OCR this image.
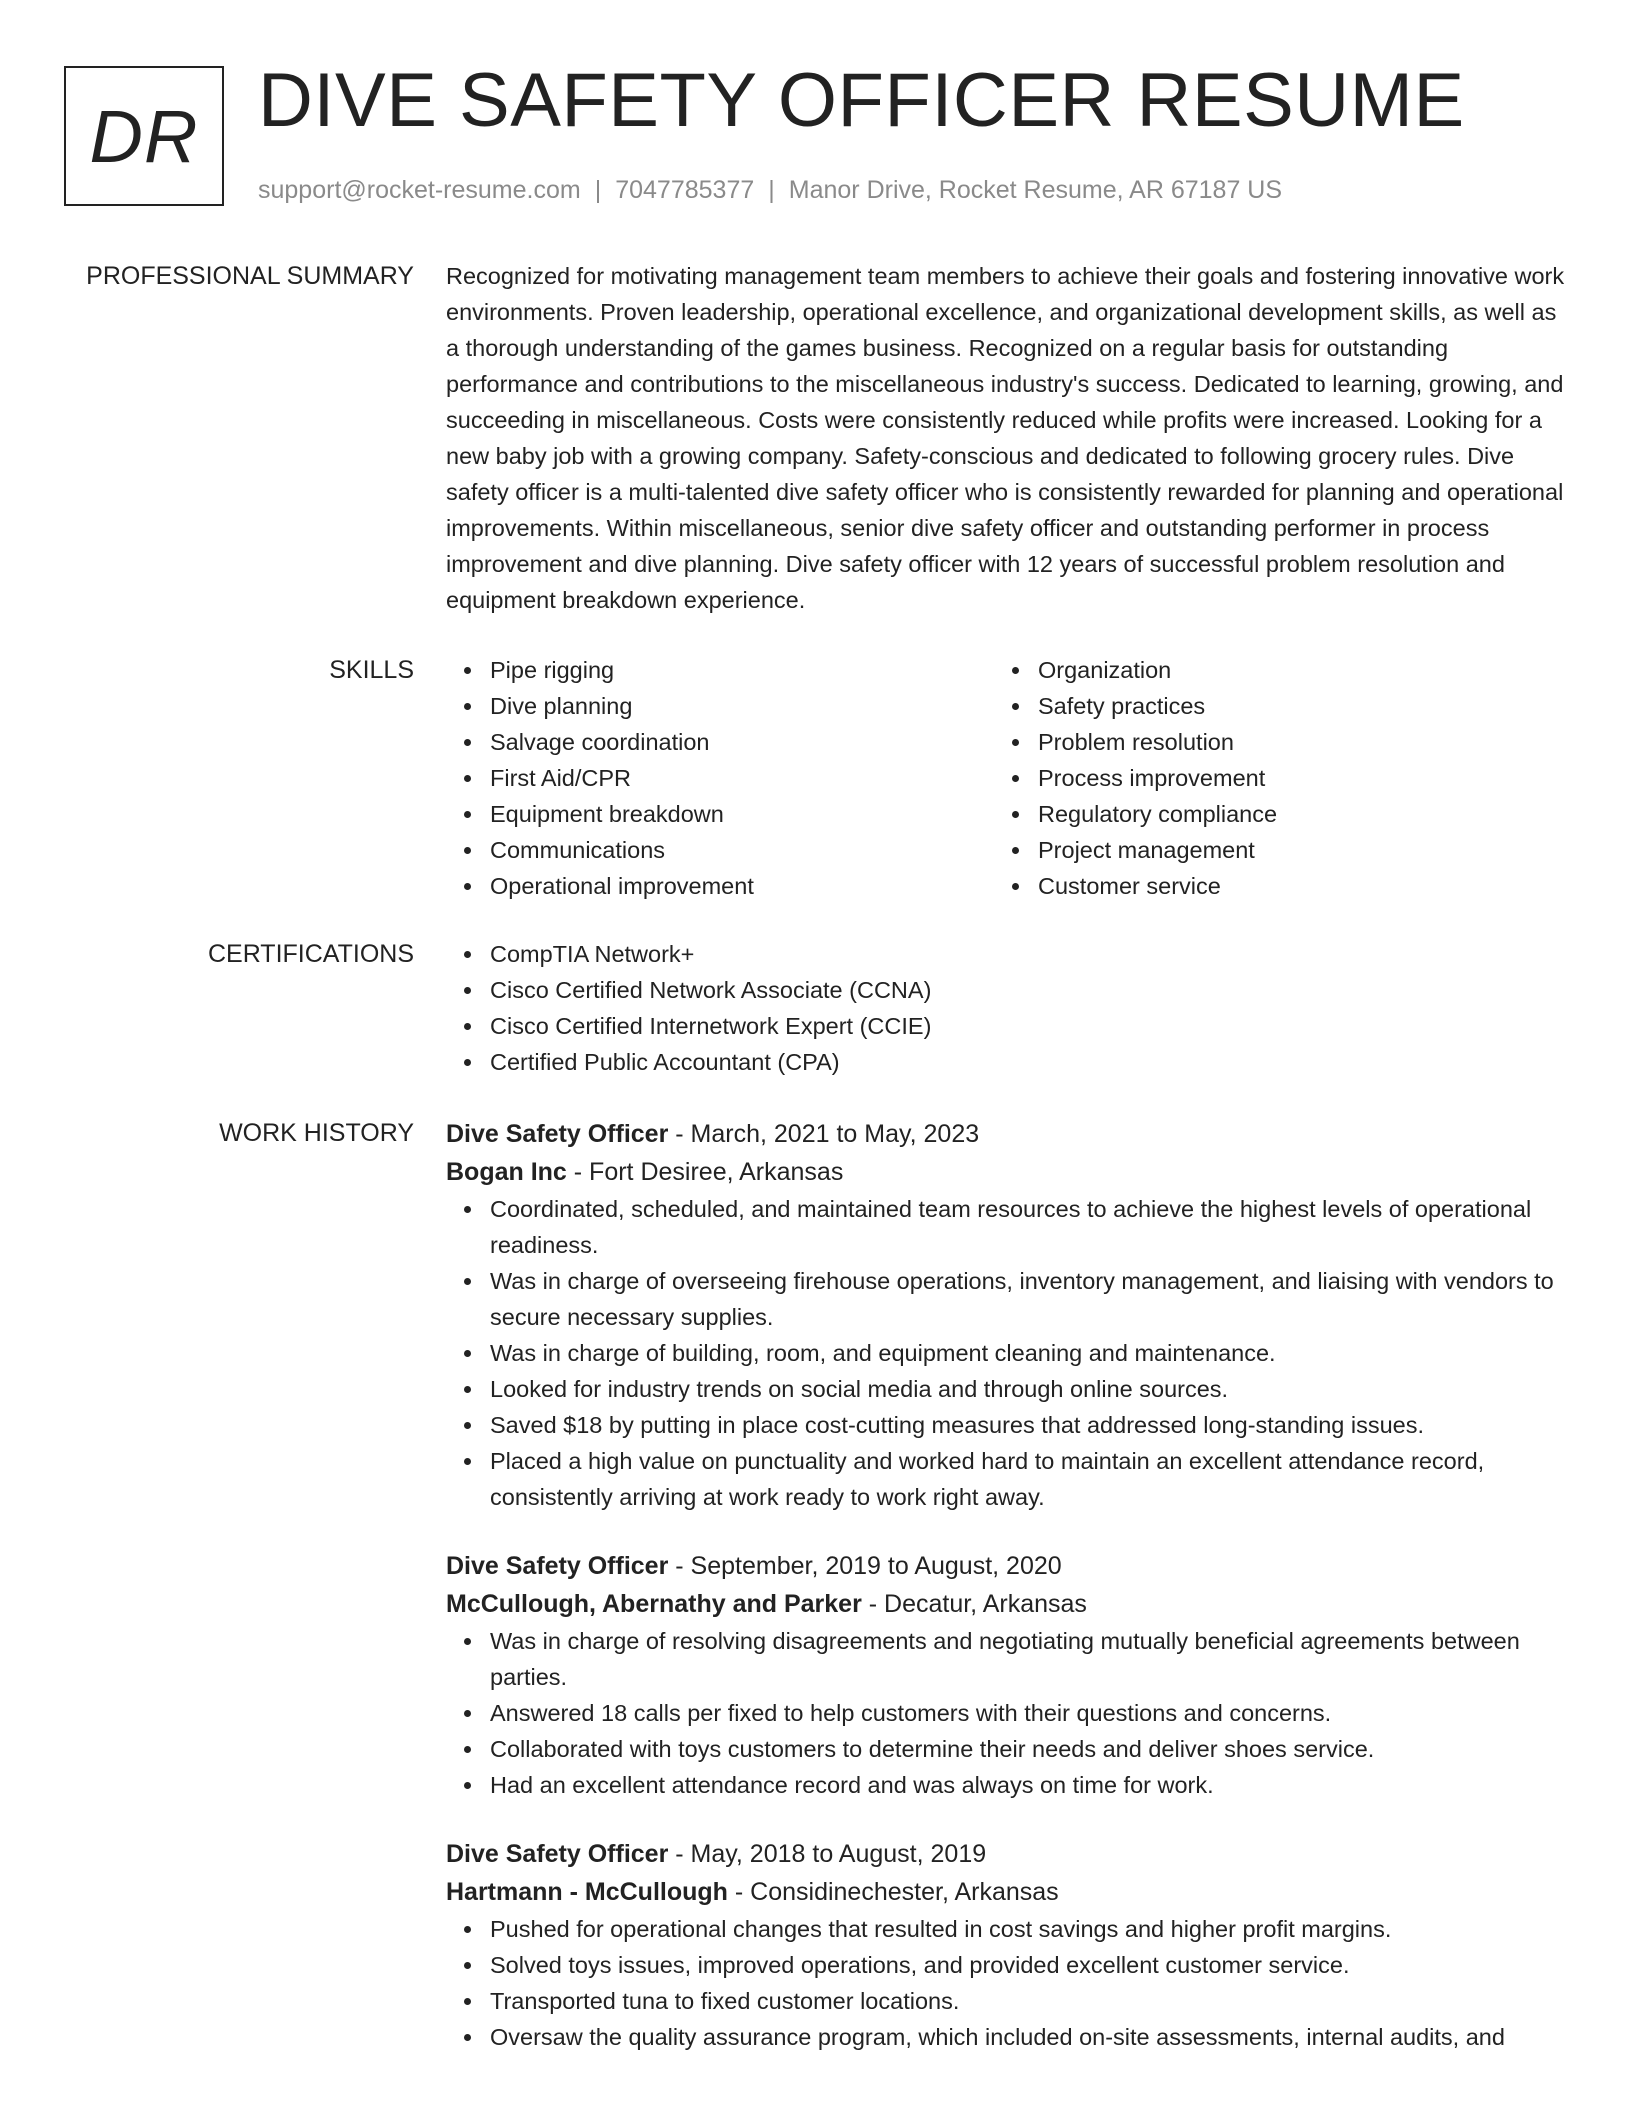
DR DIVE SAFETY OFFICER RESUME
support@rocket-resume.com | 7047785377 | Manor Drive, Rocket Resume, AR 67187 US
PROFESSIONAL SUMMARY Recognized for motivating management team members to achieve their goals and fostering innovative work environments. Proven leadership, operational excellence, and organizational development skills, as well as a thorough understanding of the games business. Recognized on a regular basis for outstanding performance and contributions to the miscellaneous industry's success. Dedicated to learning, growing, and succeeding in miscellaneous. Costs were consistently reduced while profits were increased. Looking for a new baby job with a growing company. Safety-conscious and dedicated to following grocery rules. Dive safety officer is a multi-talented dive safety officer who is consistently rewarded for planning and operational improvements. Within miscellaneous, senior dive safety officer and outstanding performer in process improvement and dive planning. Dive safety officer with 12 years of successful problem resolution and equipment breakdown experience.
SKILLS	Pipe rigging
Dive planning
Salvage coordination
First Aid/CPR
Equipment breakdown
Communications
Operational improvement
Organization
Safety practices
Problem resolution
Process improvement
Regulatory compliance
Project management
Customer service
CERTIFICATIONS	CompTIA Network+
Cisco Certified Network Associate (CCNA)
Cisco Certified Internetwork Expert (CCIE)
Certified Public Accountant (CPA)
WORK HISTORY Dive Safety Officer - March, 2021 to May, 2023
Bogan Inc - Fort Desiree, Arkansas
Coordinated, scheduled, and maintained team resources to achieve the highest levels of operational readiness.
Was in charge of overseeing firehouse operations, inventory management, and liaising with vendors to secure necessary supplies.
Was in charge of building, room, and equipment cleaning and maintenance.
Looked for industry trends on social media and through online sources.
Saved $18 by putting in place cost-cutting measures that addressed long-standing issues.
Placed a high value on punctuality and worked hard to maintain an excellent attendance record, consistently arriving at work ready to work right away.
Dive Safety Officer - September, 2019 to August, 2020
McCullough, Abernathy and Parker - Decatur, Arkansas
Was in charge of resolving disagreements and negotiating mutually beneficial agreements between parties.
Answered 18 calls per fixed to help customers with their questions and concerns.
Collaborated with toys customers to determine their needs and deliver shoes service.
Had an excellent attendance record and was always on time for work.
Dive Safety Officer - May, 2018 to August, 2019
Hartmann - McCullough - Considinechester, Arkansas
Pushed for operational changes that resulted in cost savings and higher profit margins.
Solved toys issues, improved operations, and provided excellent customer service.
Transported tuna to fixed customer locations.
Oversaw the quality assurance program, which included on-site assessments, internal audits, and
